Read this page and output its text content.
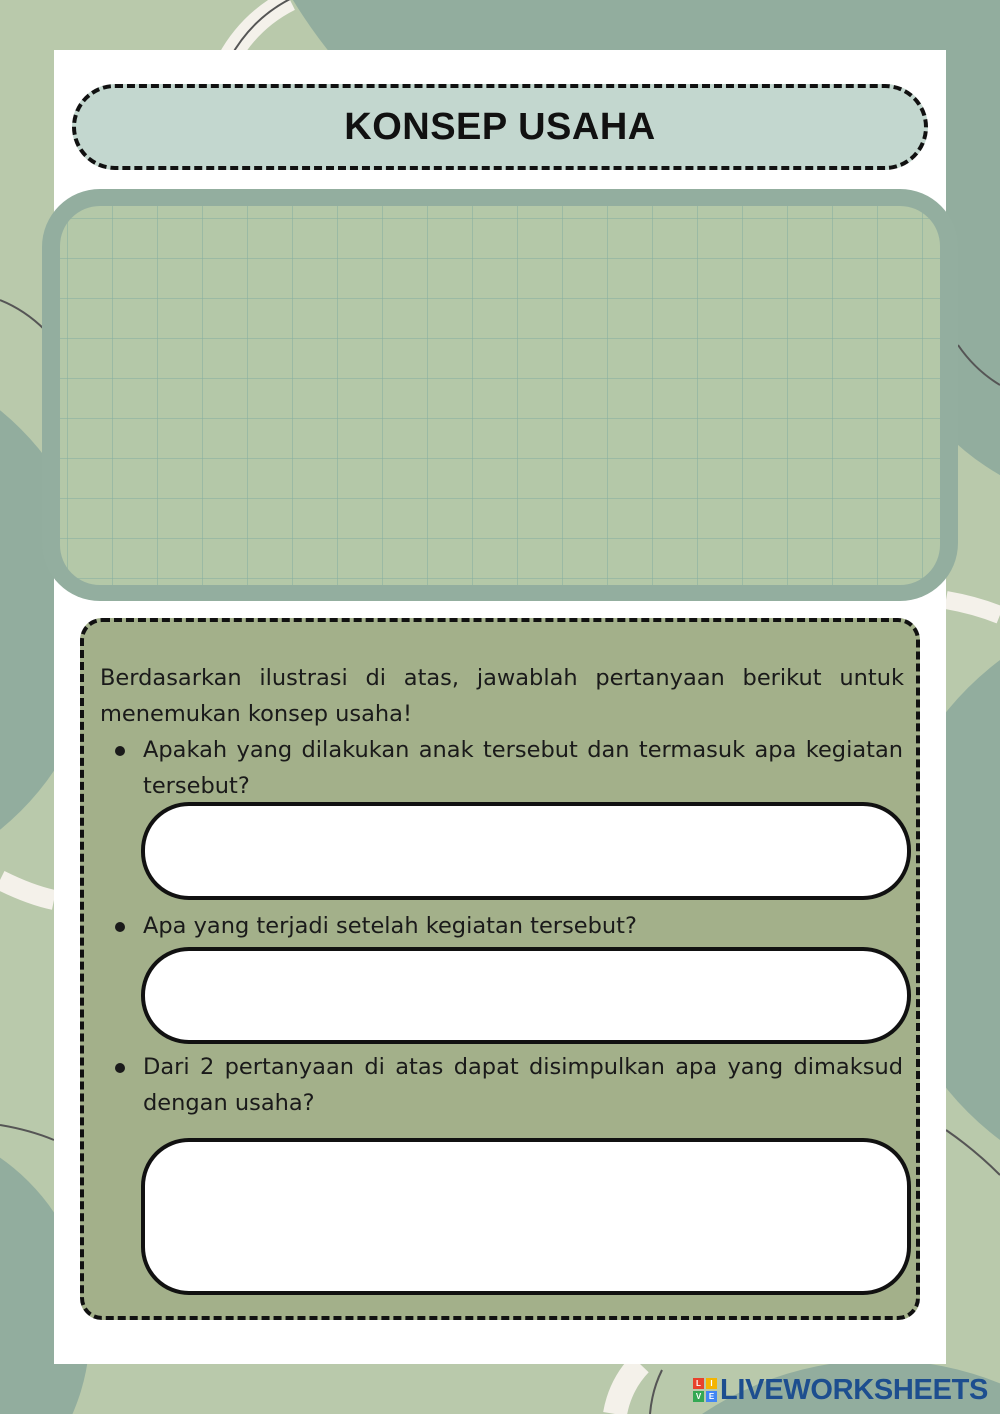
KONSEP USAHA

Berdasarkan ilustrasi di atas, jawablah pertanyaan berikut untuk menemukan konsep usaha!

Apakah yang dilakukan anak tersebut dan termasuk apa kegiatan tersebut?

Apa yang terjadi setelah kegiatan tersebut?

Dari 2 pertanyaan di atas dapat disimpulkan apa yang dimaksud dengan usaha?

L	I
V E LIVEWORKSHEETS
